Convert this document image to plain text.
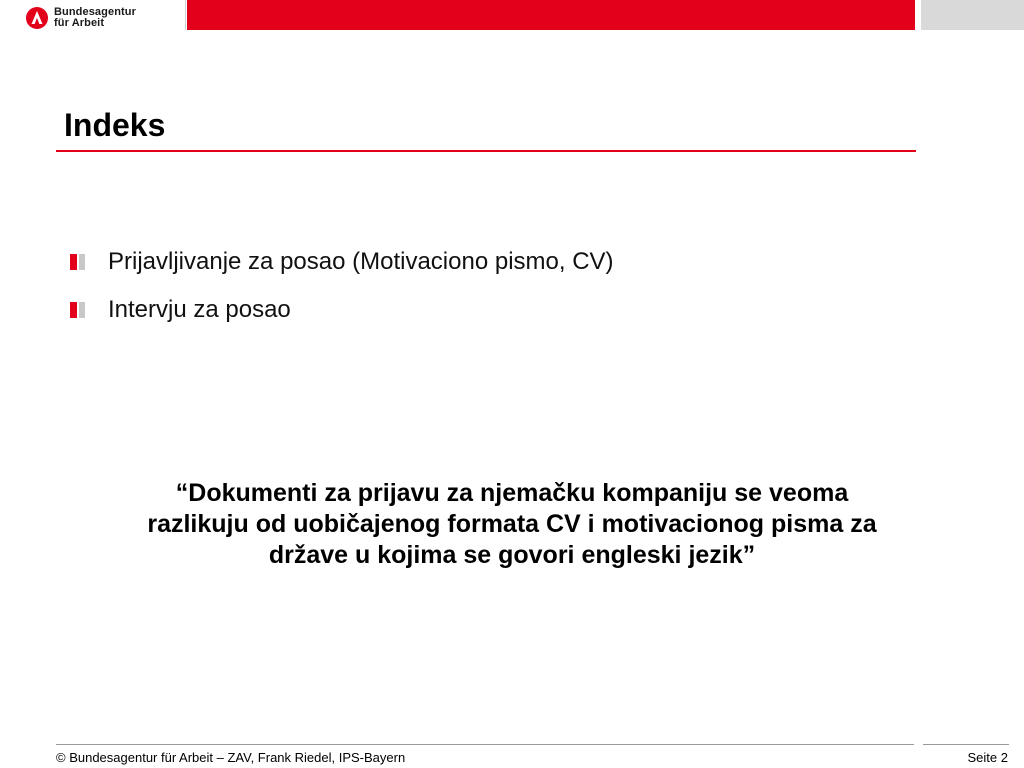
Bundesagentur
für Arbeit
Indeks
Prijavljivanje za posao (Motivaciono pismo, CV)
Intervju za posao
“Dokumenti za prijavu za njemačku kompaniju se veoma
razlikuju od uobičajenog formata CV i motivacionog pisma za
države u kojima se govori engleski jezik”
© Bundesagentur für Arbeit – ZAV, Frank Riedel, IPS-Bayern	Seite 2
